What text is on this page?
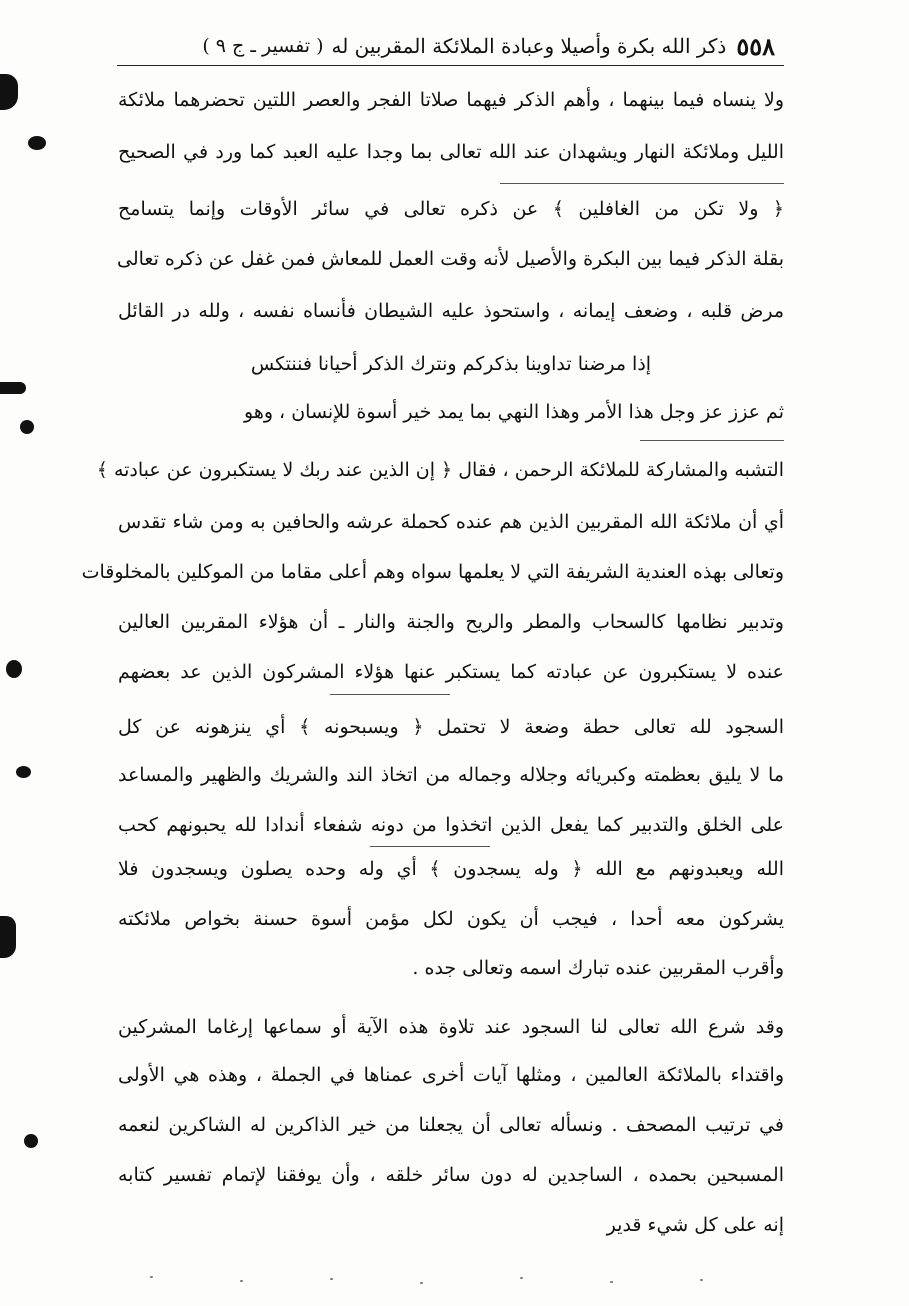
٥٥٨
ذكر الله بكرة وأصيلا وعبادة الملائكة المقربين له
( تفسير ـ ج ٩ )
ولا ينساه فيما بينهما ، وأهم الذكر فيهما صلاتا الفجر والعصر اللتين تحضرهما ملائكة
الليل وملائكة النهار ويشهدان عند الله تعالى بما وجدا عليه العبد كما ورد في الصحيح
﴿ ولا تكن من الغافلين ﴾ عن ذكره تعالى في سائر الأوقات وإنما يتسامح
بقلة الذكر فيما بين البكرة والأصيل لأنه وقت العمل للمعاش فمن غفل عن ذكره تعالى
مرض قلبه ، وضعف إيمانه ، واستحوذ عليه الشيطان فأنساه نفسه ، ولله در القائل
إذا مرضنا تداوينا بذكركم ونترك الذكر أحيانا فننتكس
ثم عزز عز وجل هذا الأمر وهذا النهي بما يمد خير أسوة للإنسان ، وهو
التشبه والمشاركة للملائكة الرحمن ، فقال ﴿ إن الذين عند ربك لا يستكبرون عن عبادته ﴾
أي أن ملائكة الله المقربين الذين هم عنده كحملة عرشه والحافين به ومن شاء تقدس
وتعالى بهذه العندية الشريفة التي لا يعلمها سواه وهم أعلى مقاما من الموكلين بالمخلوقات
وتدبير نظامها كالسحاب والمطر والريح والجنة والنار ـ أن هؤلاء المقربين العالين
عنده لا يستكبرون عن عبادته كما يستكبر عنها هؤلاء المشركون الذين عد بعضهم
السجود لله تعالى حطة وضعة لا تحتمل ﴿ ويسبحونه ﴾ أي ينزهونه عن كل
ما لا يليق بعظمته وكبريائه وجلاله وجماله من اتخاذ الند والشريك والظهير والمساعد
على الخلق والتدبير كما يفعل الذين اتخذوا من دونه شفعاء أندادا لله يحبونهم كحب
الله ويعبدونهم مع الله ﴿ وله يسجدون ﴾ أي وله وحده يصلون ويسجدون فلا
يشركون معه أحدا ، فيجب أن يكون لكل مؤمن أسوة حسنة بخواص ملائكته
وأقرب المقربين عنده تبارك اسمه وتعالى جده .
وقد شرع الله تعالى لنا السجود عند تلاوة هذه الآية أو سماعها إرغاما المشركين
واقتداء بالملائكة العالمين ، ومثلها آيات أخرى عمناها في الجملة ، وهذه هي الأولى
في ترتيب المصحف . ونسأله تعالى أن يجعلنا من خير الذاكرين له الشاكرين لنعمه
المسبحين بحمده ، الساجدين له دون سائر خلقه ، وأن يوفقنا لإتمام تفسير كتابه
إنه على كل شيء قدير
